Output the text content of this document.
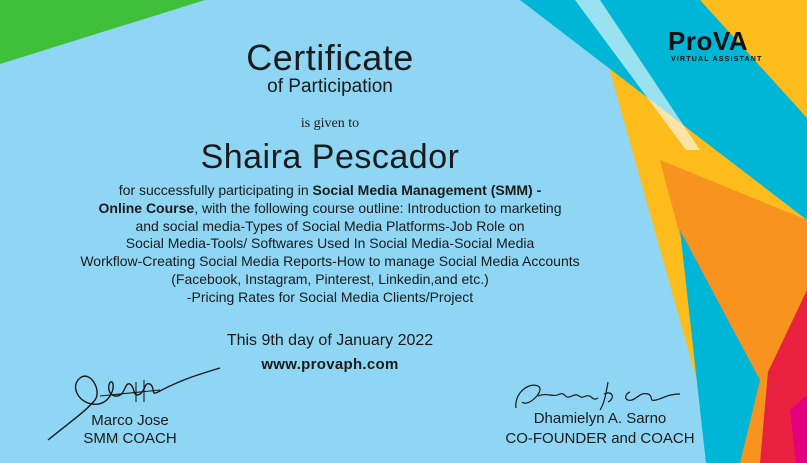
ProVA
VIRTUAL ASSISTANT
Certificate
of Participation
is given to
Shaira Pescador
for successfully participating in Social Media Management (SMM) -
Online Course, with the following course outline: Introduction to marketing
and social media-Types of Social Media Platforms-Job Role on
Social Media-Tools/ Softwares Used In Social Media-Social Media
Workflow-Creating Social Media Reports-How to manage Social Media Accounts
(Facebook, Instagram, Pinterest, Linkedin,and etc.)
-Pricing Rates for Social Media Clients/Project
This 9th day of January 2022
www.provaph.com
Marco Jose
SMM COACH
Dhamielyn A. Sarno
CO-FOUNDER and COACH
